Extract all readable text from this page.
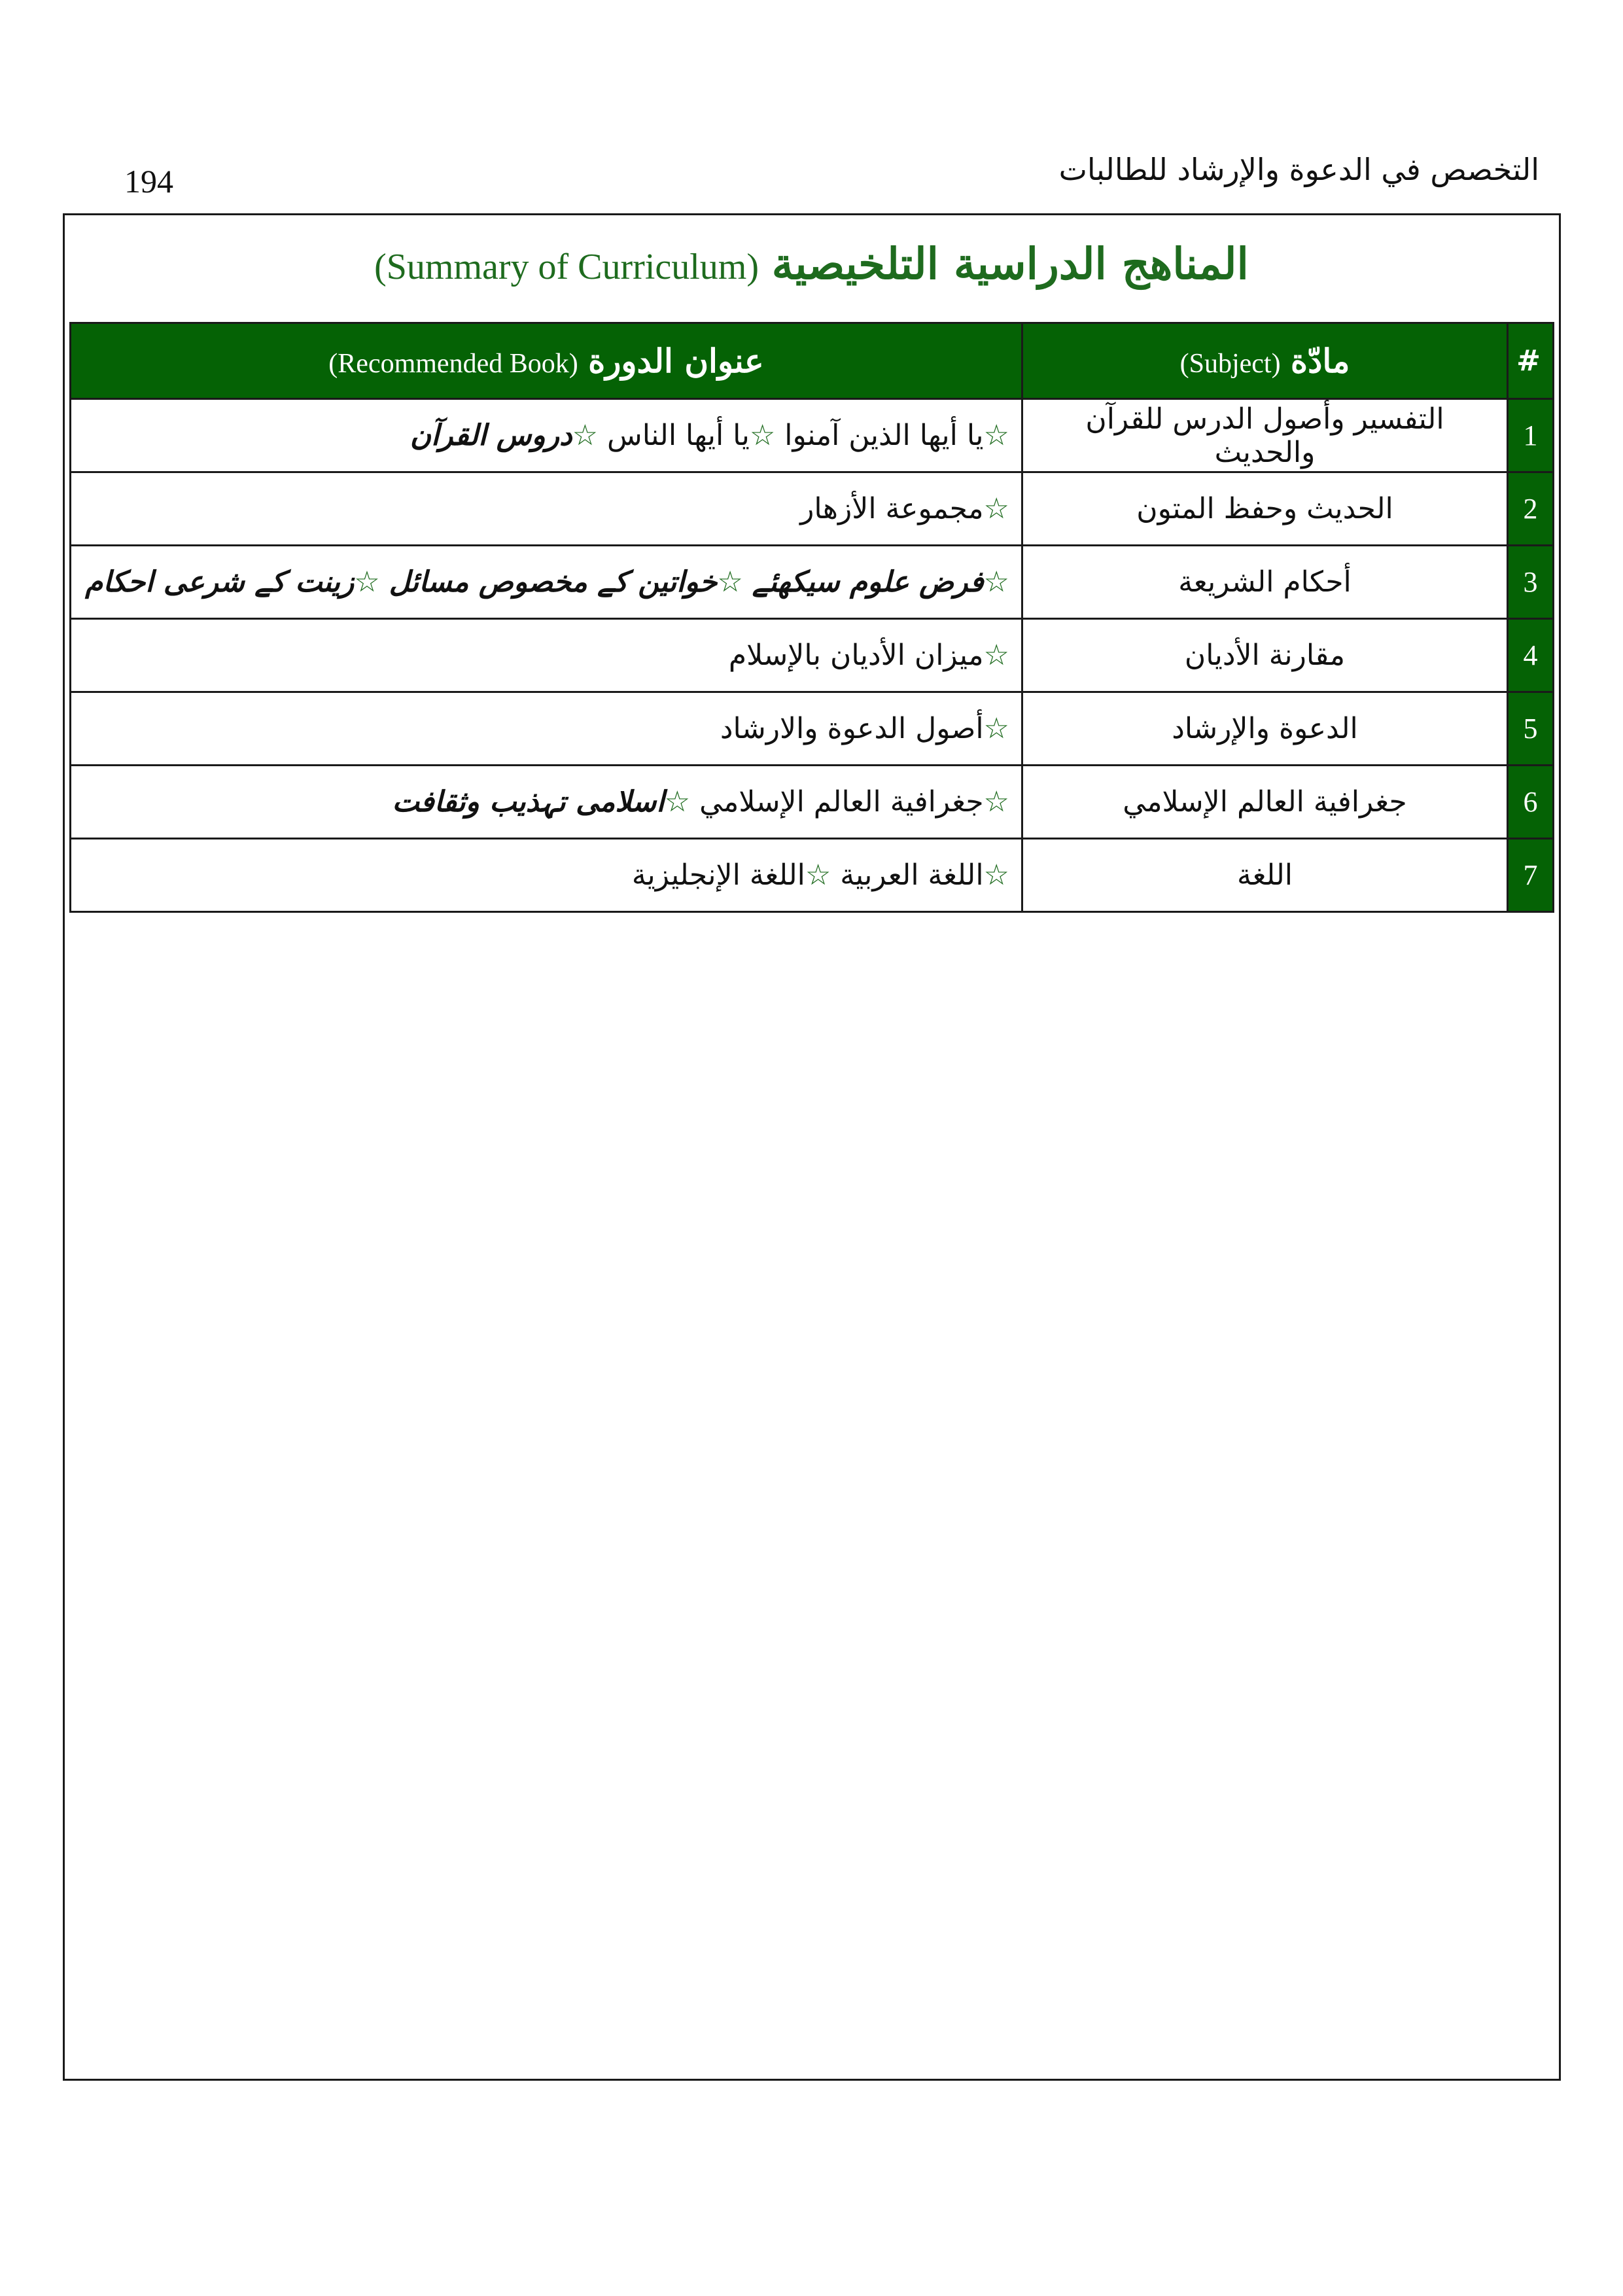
194	التخصص في الدعوة والإرشاد للطالبات
المناهج الدراسية التلخيصية (Summary of Curriculum)
#	مادّة (Subject)	عنوان الدورة (Recommended Book)
1	التفسير وأصول الدرس للقرآن والحديث	☆يا أيها الذين آمنوا ☆يا أيها الناس ☆دروس القرآن
2	الحديث وحفظ المتون	☆مجموعة الأزهار
3	أحكام الشريعة	☆فرض علوم سیکھئے ☆خواتین کے مخصوص مسائل ☆زینت کے شرعی احکام
4	مقارنة الأديان	☆ميزان الأديان بالإسلام
5	الدعوة والإرشاد	☆أصول الدعوة والارشاد
6	جغرافية العالم الإسلامي	☆جغرافية العالم الإسلامي ☆اسلامی تہذیب وثقافت
7	اللغة	☆اللغة العربية ☆اللغة الإنجليزية
